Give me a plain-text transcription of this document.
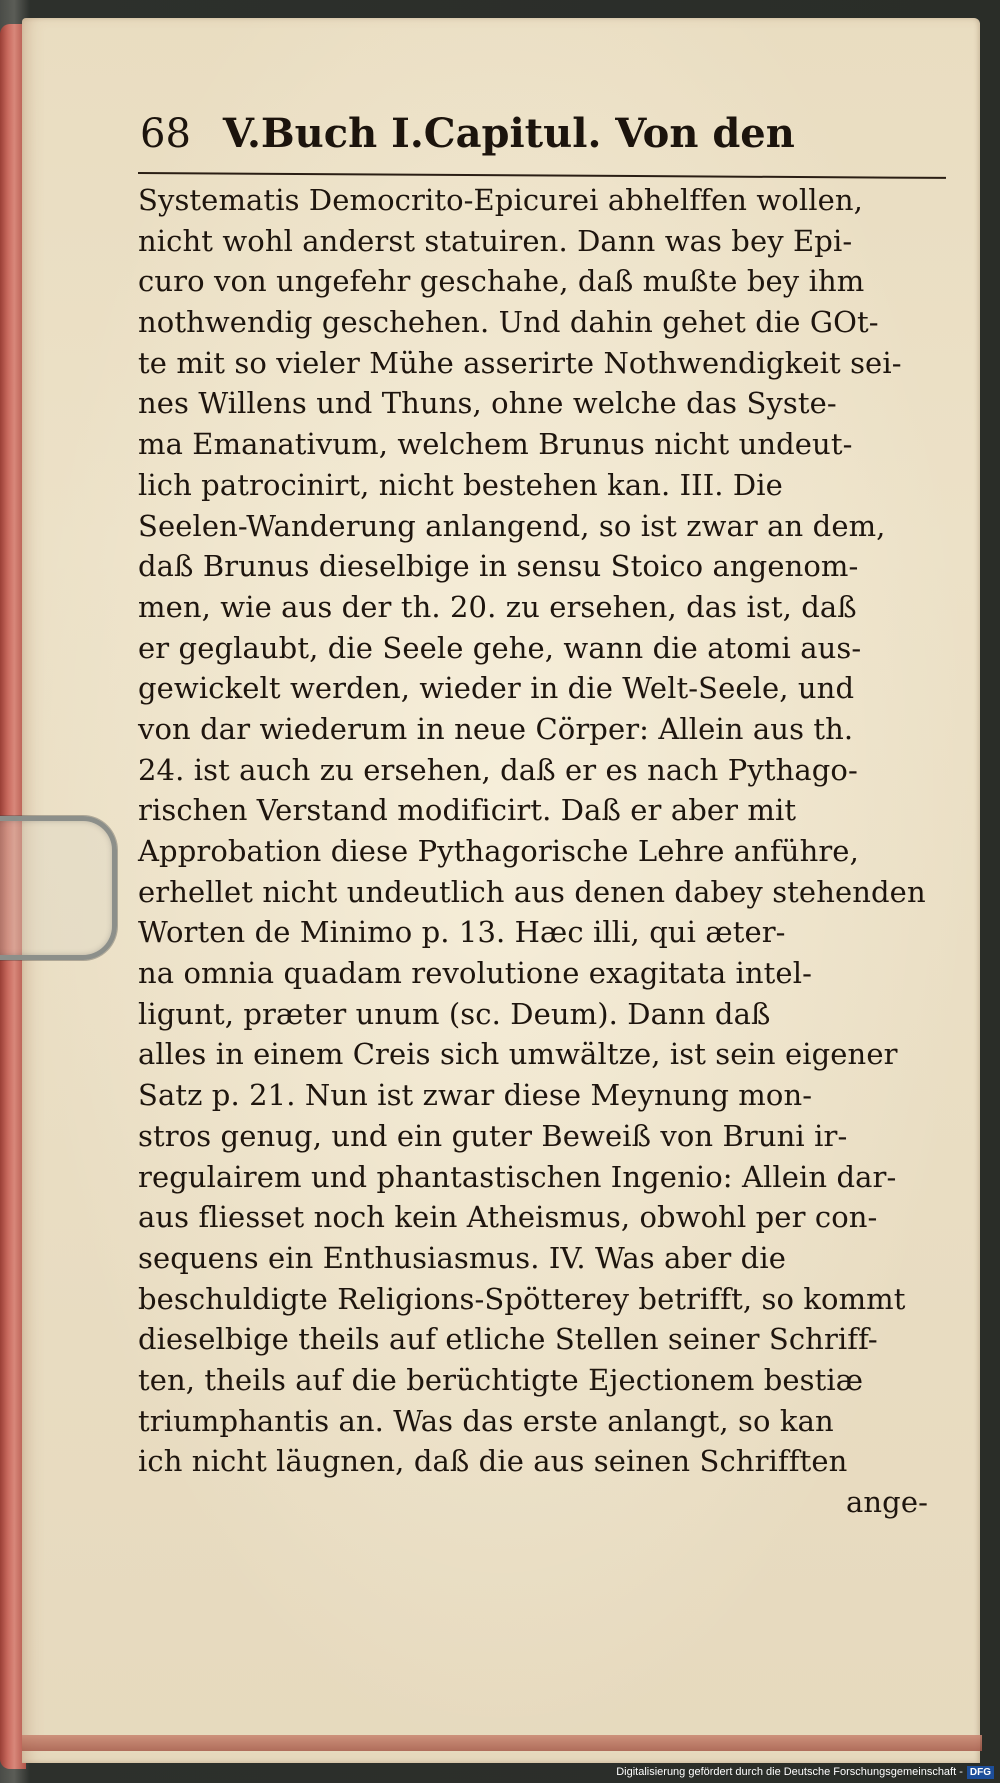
68 V.Buch I.Capitul. Von den
Systematis Democrito-Epicurei abhelffen wollen,
nicht wohl anderst statuiren. Dann was bey Epi-
curo von ungefehr geschahe, daß mußte bey ihm
nothwendig geschehen. Und dahin gehet die GOt-
te mit so vieler Mühe asserirte Nothwendigkeit sei-
nes Willens und Thuns, ohne welche das Syste-
ma Emanativum, welchem Brunus nicht undeut-
lich patrocinirt, nicht bestehen kan. III. Die
Seelen-Wanderung anlangend, so ist zwar an dem,
daß Brunus dieselbige in sensu Stoico angenom-
men, wie aus der th. 20. zu ersehen, das ist, daß
er geglaubt, die Seele gehe, wann die atomi aus-
gewickelt werden, wieder in die Welt-Seele, und
von dar wiederum in neue Cörper: Allein aus th.
24. ist auch zu ersehen, daß er es nach Pythago-
rischen Verstand modificirt. Daß er aber mit
Approbation diese Pythagorische Lehre anführe,
erhellet nicht undeutlich aus denen dabey stehenden
Worten de Minimo p. 13. Hæc illi, qui æter-
na omnia quadam revolutione exagitata intel-
ligunt, præter unum (sc. Deum). Dann daß
alles in einem Creis sich umwältze, ist sein eigener
Satz p. 21. Nun ist zwar diese Meynung mon-
stros genug, und ein guter Beweiß von Bruni ir-
regulairem und phantastischen Ingenio: Allein dar-
aus fliesset noch kein Atheismus, obwohl per con-
sequens ein Enthusiasmus. IV. Was aber die
beschuldigte Religions-Spötterey betrifft, so kommt
dieselbige theils auf etliche Stellen seiner Schriff-
ten, theils auf die berüchtigte Ejectionem bestiæ
triumphantis an. Was das erste anlangt, so kan
ich nicht läugnen, daß die aus seinen Schrifften
ange-
Digitalisierung gefördert durch die Deutsche Forschungsgemeinschaft - DFG
